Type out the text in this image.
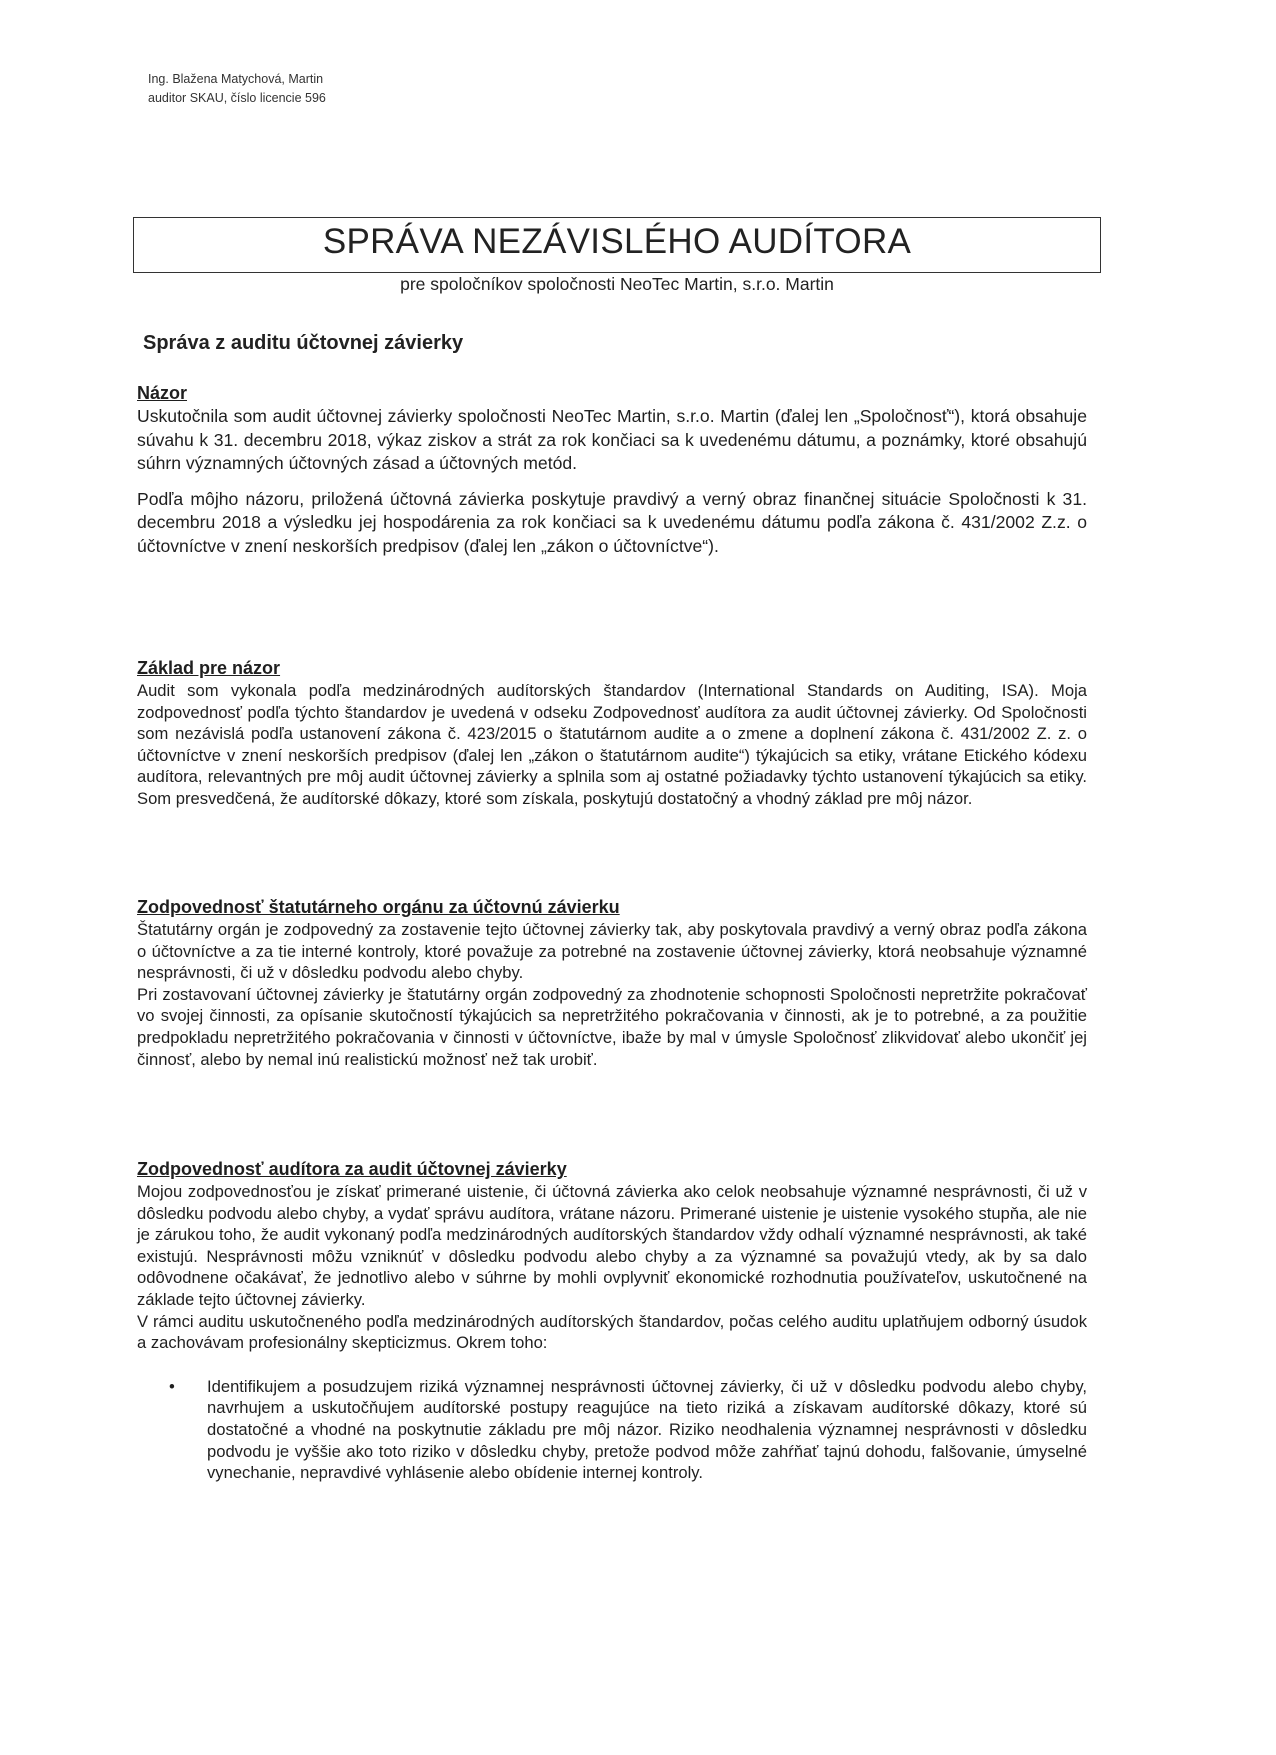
Ing. Blažena Matychová, Martin
auditor SKAU, číslo licencie 596
SPRÁVA NEZÁVISLÉHO AUDÍTORA
pre spoločníkov spoločnosti NeoTec Martin, s.r.o. Martin
Správa z auditu účtovnej závierky
Názor

Uskutočnila som audit účtovnej závierky spoločnosti NeoTec Martin, s.r.o. Martin (ďalej len „Spoločnosť“), ktorá obsahuje súvahu k 31. decembru 2018, výkaz ziskov a strát za rok končiaci sa k uvedenému dátumu, a poznámky, ktoré obsahujú súhrn významných účtovných zásad a účtovných metód.

Podľa môjho názoru, priložená účtovná závierka poskytuje pravdivý a verný obraz finančnej situácie Spoločnosti k 31. decembru 2018 a výsledku jej hospodárenia za rok končiaci sa k uvedenému dátumu podľa zákona č. 431/2002 Z.z. o účtovníctve v znení neskorších predpisov (ďalej len „zákon o účtovníctve“).

Základ pre názor

Audit som vykonala podľa medzinárodných audítorských štandardov (International Standards on Auditing, ISA). Moja zodpovednosť podľa týchto štandardov je uvedená v odseku Zodpovednosť audítora za audit účtovnej závierky. Od Spoločnosti som nezávislá podľa ustanovení zákona č. 423/2015 o štatutárnom audite a o zmene a doplnení zákona č. 431/2002 Z. z. o účtovníctve v znení neskorších predpisov (ďalej len „zákon o štatutárnom audite“) týkajúcich sa etiky, vrátane Etického kódexu audítora, relevantných pre môj audit účtovnej závierky a splnila som aj ostatné požiadavky týchto ustanovení týkajúcich sa etiky. Som presvedčená, že audítorské dôkazy, ktoré som získala, poskytujú dostatočný a vhodný základ pre môj názor.

Zodpovednosť štatutárneho orgánu za účtovnú závierku

Štatutárny orgán je zodpovedný za zostavenie tejto účtovnej závierky tak, aby poskytovala pravdivý a verný obraz podľa zákona o účtovníctve a za tie interné kontroly, ktoré považuje za potrebné na zostavenie účtovnej závierky, ktorá neobsahuje významné nesprávnosti, či už v dôsledku podvodu alebo chyby.

Pri zostavovaní účtovnej závierky je štatutárny orgán zodpovedný za zhodnotenie schopnosti Spoločnosti nepretržite pokračovať vo svojej činnosti, za opísanie skutočností týkajúcich sa nepretržitého pokračovania v činnosti, ak je to potrebné, a za použitie predpokladu nepretržitého pokračovania v činnosti v účtovníctve, ibaže by mal v úmysle Spoločnosť zlikvidovať alebo ukončiť jej činnosť, alebo by nemal inú realistickú možnosť než tak urobiť.

Zodpovednosť audítora za audit účtovnej závierky

Mojou zodpovednosťou je získať primerané uistenie, či účtovná závierka ako celok neobsahuje významné nesprávnosti, či už v dôsledku podvodu alebo chyby, a vydať správu audítora, vrátane názoru. Primerané uistenie je uistenie vysokého stupňa, ale nie je zárukou toho, že audit vykonaný podľa medzinárodných audítorských štandardov vždy odhalí významné nesprávnosti, ak také existujú. Nesprávnosti môžu vzniknúť v dôsledku podvodu alebo chyby a za významné sa považujú vtedy, ak by sa dalo odôvodnene očakávať, že jednotlivo alebo v súhrne by mohli ovplyvniť ekonomické rozhodnutia používateľov, uskutočnené na základe tejto účtovnej závierky.

V rámci auditu uskutočneného podľa medzinárodných audítorských štandardov, počas celého auditu uplatňujem odborný úsudok a zachovávam profesionálny skepticizmus. Okrem toho:

• Identifikujem a posudzujem riziká významnej nesprávnosti účtovnej závierky, či už v dôsledku podvodu alebo chyby, navrhujem a uskutočňujem audítorské postupy reagujúce na tieto riziká a získavam audítorské dôkazy, ktoré sú dostatočné a vhodné na poskytnutie základu pre môj názor. Riziko neodhalenia významnej nesprávnosti v dôsledku podvodu je vyššie ako toto riziko v dôsledku chyby, pretože podvod môže zahŕňať tajnú dohodu, falšovanie, úmyselné vynechanie, nepravdivé vyhlásenie alebo obídenie internej kontroly.
